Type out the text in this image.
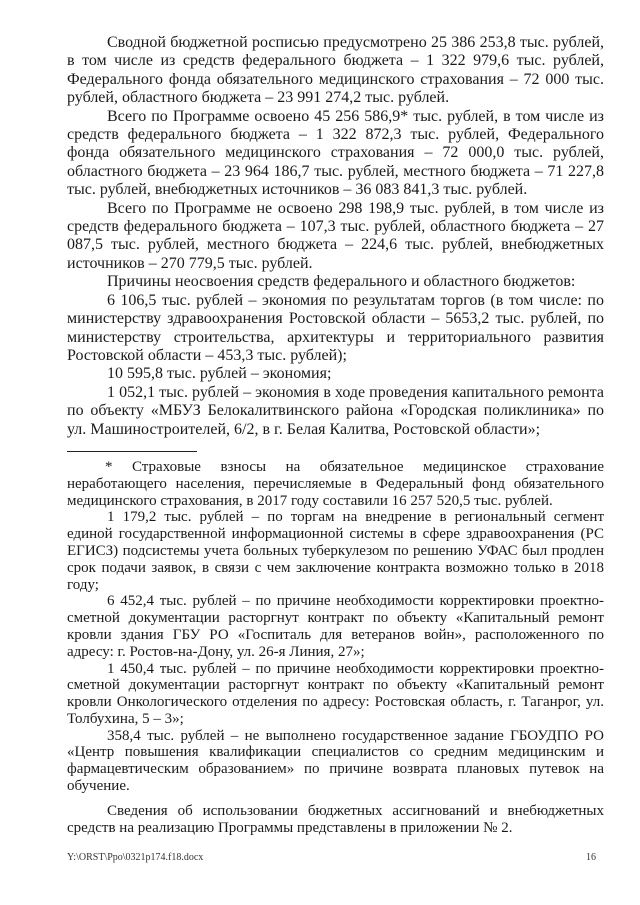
Сводной бюджетной росписью предусмотрено 25 386 253,8 тыс. рублей, в том числе из средств федерального бюджета – 1 322 979,6 тыс. рублей, Федерального фонда обязательного медицинского страхования – 72 000 тыс. рублей, областного бюджета – 23 991 274,2 тыс. рублей.

Всего по Программе освоено 45 256 586,9* тыс. рублей, в том числе из средств федерального бюджета – 1 322 872,3 тыс. рублей, Федерального фонда обязательного медицинского страхования – 72 000,0 тыс. рублей, областного бюджета – 23 964 186,7 тыс. рублей, местного бюджета – 71 227,8 тыс. рублей, внебюджетных источников – 36 083 841,3 тыс. рублей.

Всего по Программе не освоено 298 198,9 тыс. рублей, в том числе из средств федерального бюджета – 107,3 тыс. рублей, областного бюджета – 27 087,5 тыс. рублей, местного бюджета – 224,6 тыс. рублей, внебюджетных источников – 270 779,5 тыс. рублей.

Причины неосвоения средств федерального и областного бюджетов:

6 106,5 тыс. рублей – экономия по результатам торгов (в том числе: по министерству здравоохранения Ростовской области – 5653,2 тыс. рублей, по министерству строительства, архитектуры и территориального развития Ростовской области – 453,3 тыс. рублей);

10 595,8 тыс. рублей – экономия;

1 052,1 тыс. рублей – экономия в ходе проведения капитального ремонта по объекту «МБУЗ Белокалитвинского района «Городская поликлиника» по ул. Машиностроителей, 6/2, в г. Белая Калитва, Ростовской области»;

* Страховые взносы на обязательное медицинское страхование неработающего населения, перечисляемые в Федеральный фонд обязательного медицинского страхования, в 2017 году составили 16 257 520,5 тыс. рублей.

1 179,2 тыс. рублей – по торгам на внедрение в региональный сегмент единой государственной информационной системы в сфере здравоохранения (РС ЕГИСЗ) подсистемы учета больных туберкулезом по решению УФАС был продлен срок подачи заявок, в связи с чем заключение контракта возможно только в 2018 году;

6 452,4 тыс. рублей – по причине необходимости корректировки проектно-сметной документации расторгнут контракт по объекту «Капитальный ремонт кровли здания ГБУ РО «Госпиталь для ветеранов войн», расположенного по адресу: г. Ростов-на-Дону, ул. 26-я Линия, 27»;

1 450,4 тыс. рублей – по причине необходимости корректировки проектно-сметной документации расторгнут контракт по объекту «Капитальный ремонт кровли Онкологического отделения по адресу: Ростовская область, г. Таганрог, ул. Толбухина, 5 – 3»;

358,4 тыс. рублей – не выполнено государственное задание ГБОУДПО РО «Центр повышения квалификации специалистов со средним медицинским и фармацевтическим образованием» по причине возврата плановых путевок на обучение.

Сведения об использовании бюджетных ассигнований и внебюджетных средств на реализацию Программы представлены в приложении № 2.

Y:\ORST\Ppo\0321p174.f18.docx	16
